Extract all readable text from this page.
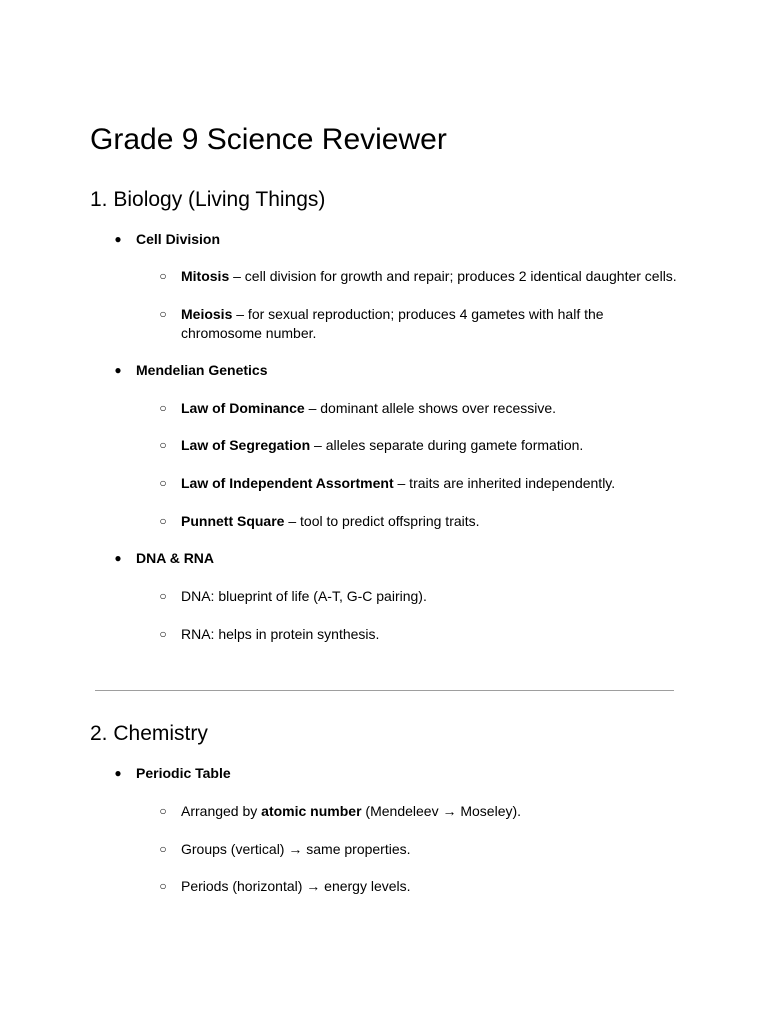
Grade 9 Science Reviewer
1. Biology (Living Things)
● Cell Division
○ Mitosis – cell division for growth and repair; produces 2 identical daughter cells.
○ Meiosis – for sexual reproduction; produces 4 gametes with half the chromosome number.
● Mendelian Genetics
○ Law of Dominance – dominant allele shows over recessive.
○ Law of Segregation – alleles separate during gamete formation.
○ Law of Independent Assortment – traits are inherited independently.
○ Punnett Square – tool to predict offspring traits.
● DNA & RNA
○ DNA: blueprint of life (A-T, G-C pairing).
○ RNA: helps in protein synthesis.
2. Chemistry
● Periodic Table
○ Arranged by atomic number (Mendeleev → Moseley).
○ Groups (vertical) → same properties.
○ Periods (horizontal) → energy levels.
